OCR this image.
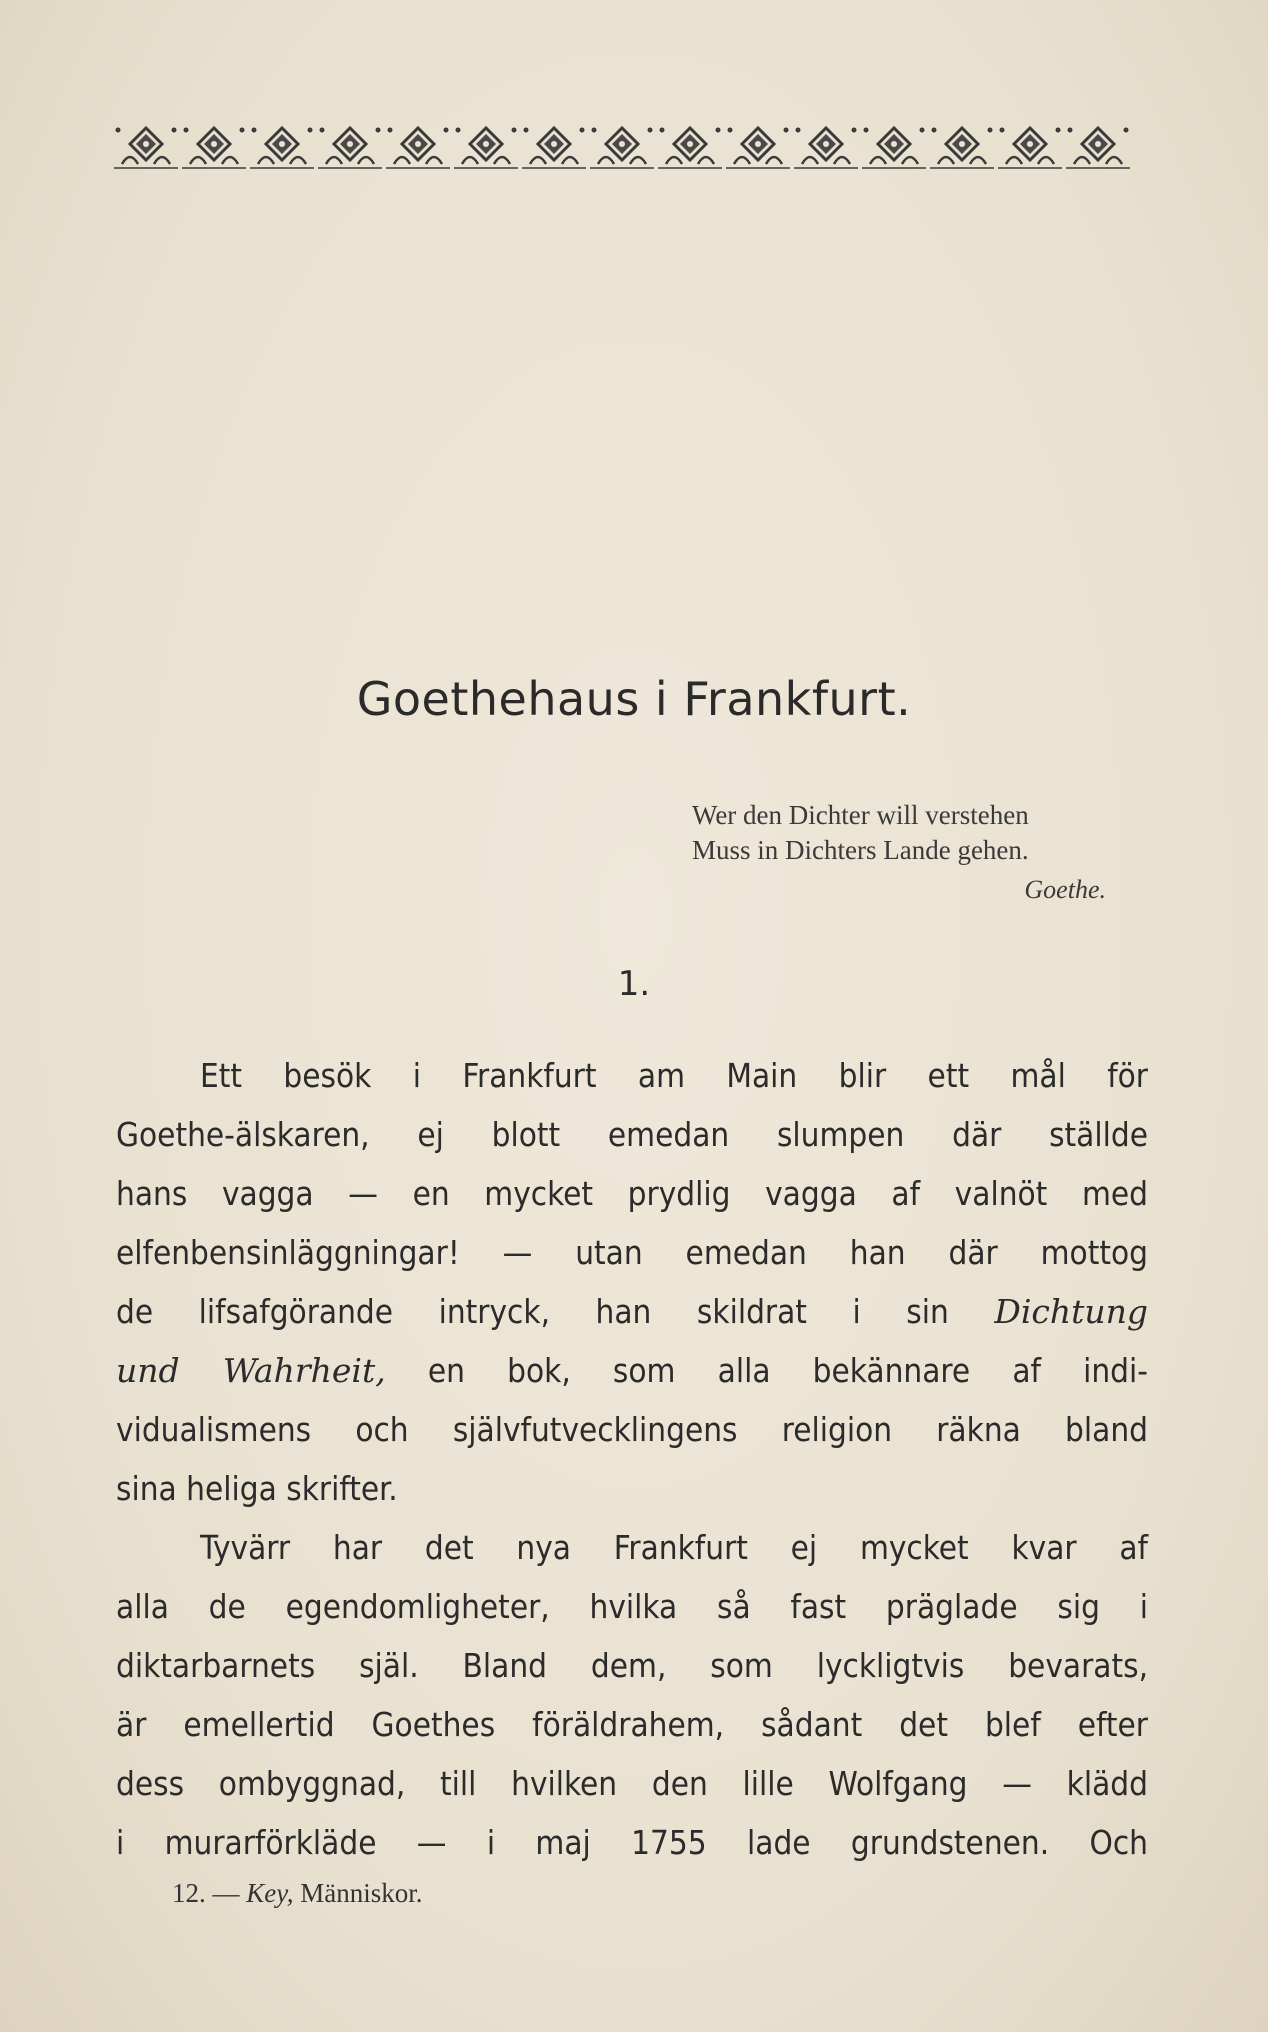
Goethehaus i Frankfurt.
Wer den Dichter will verstehen
Muss in Dichters Lande gehen.
Goethe.
1.
Ett besök i Frankfurt am Main blir ett mål för
Goethe-älskaren, ej blott emedan slumpen där ställde
hans vagga — en mycket prydlig vagga af valnöt med
elfenbensinläggningar! — utan emedan han där mottog
de lifsafgörande intryck, han skildrat i sin Dichtung
und Wahrheit, en bok, som alla bekännare af indi-
vidualismens och självfutvecklingens religion räkna bland
sina heliga skrifter.
Tyvärr har det nya Frankfurt ej mycket kvar af
alla de egendomligheter, hvilka så fast präglade sig i
diktarbarnets själ. Bland dem, som lyckligtvis bevarats,
är emellertid Goethes föräldrahem, sådant det blef efter
dess ombyggnad, till hvilken den lille Wolfgang — klädd
i murarförkläde — i maj 1755 lade grundstenen. Och
12. — Key, Människor.
